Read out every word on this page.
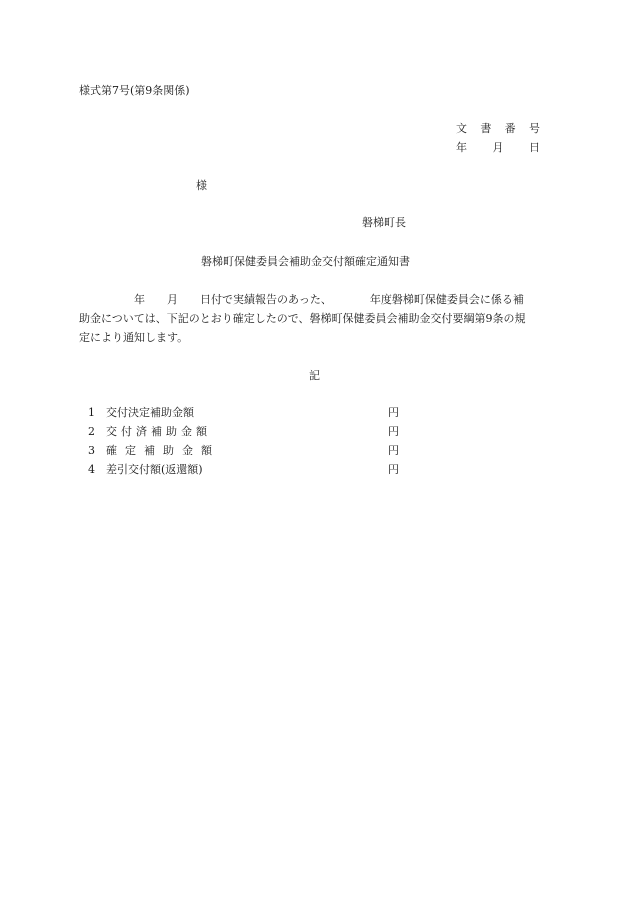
様式第7号(第9条関係)
文 書 番 号
年 月 日
様
磐梯町長
磐梯町保健委員会補助金交付額確定通知書
年 月 日付で実績報告のあった、	年度磐梯町保健委員会に係る補
助金については、下記のとおり確定したので、磐梯町保健委員会補助金交付要綱第9条の規
定により通知します。
記
1	交付決定補助金額	円
2	交付済補助金額	円
3	確定補助金額	円
4	差引交付額(返還額)	円
